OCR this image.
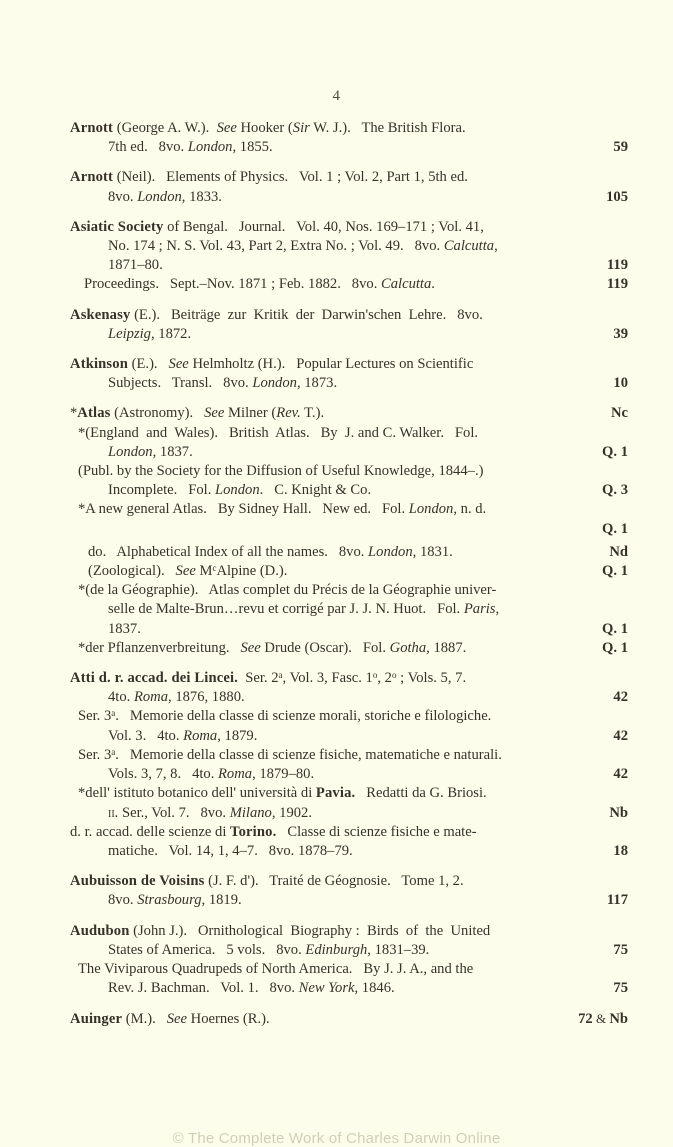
4
Arnott (George A. W.).  See Hooker (Sir W. J.).   The British Flora.
7th ed.   8vo. London, 1855.	59
Arnott (Neil).   Elements of Physics.   Vol. 1 ; Vol. 2, Part 1, 5th ed.
8vo. London, 1833.	105
Asiatic Society of Bengal.   Journal.   Vol. 40, Nos. 169–171 ; Vol. 41,
No. 174 ; N. S. Vol. 43, Part 2, Extra No. ; Vol. 49.   8vo. Calcutta,
1871–80.	119
Proceedings.   Sept.–Nov. 1871 ; Feb. 1882.   8vo. Calcutta.	119
Askenasy (E.).   Beiträge  zur  Kritik  der  Darwin'schen  Lehre.   8vo.
Leipzig, 1872.	39
Atkinson (E.).   See Helmholtz (H.).   Popular Lectures on Scientific
Subjects.   Transl.   8vo. London, 1873.	10
*Atlas (Astronomy).   See Milner (Rev. T.).	Nc
*(England  and  Wales).   British  Atlas.   By  J. and C. Walker.   Fol.
London, 1837.	Q. 1
(Publ. by the Society for the Diffusion of Useful Knowledge, 1844–.)
Incomplete.   Fol. London.   C. Knight & Co.	Q. 3
*A new general Atlas.   By Sidney Hall.   New ed.   Fol. London, n. d.
Q. 1
do.   Alphabetical Index of all the names.   8vo. London, 1831.	Nd
(Zoological).   See $M^cAlpine$ (D.).	Q. 1
*(de la Géographie).   Atlas complet du Précis de la Géographie univer-
selle de Malte-Brun…revu et corrigé par J. J. N. Huot.   Fol. Paris,
1837.	Q. 1
*der Pflanzenverbreitung.   See Drude (Oscar).   Fol. Gotha, 1887.	Q. 1
Atti d. r. accad. dei Lincei.  Ser. 2$^a$, Vol. 3, Fasc. 1$^o$, 2$^o$ ; Vols. 5, 7.
4to. Roma, 1876, 1880.	42
Ser. 3$^a$.   Memorie della classe di scienze morali, storiche e filologiche.
Vol. 3.   4to. Roma, 1879.	42
Ser. 3$^a$.   Memorie della classe di scienze fisiche, matematiche e naturali.
Vols. 3, 7, 8.   4to. Roma, 1879–80.	42
*dell' istituto botanico dell' università di Pavia.   Redatti da G. Briosi.
ii. Ser., Vol. 7.   8vo. Milano, 1902.	Nb
d. r. accad. delle scienze di Torino.   Classe di scienze fisiche e mate-
matiche.   Vol. 14, 1, 4–7.   8vo. 1878–79.	18
Aubuisson de Voisins (J. F. d').   Traité de Géognosie.   Tome 1, 2.
8vo. Strasbourg, 1819.	117
Audubon (John J.).   Ornithological  Biography :  Birds  of  the  United
States of America.   5 vols.   8vo. Edinburgh, 1831–39.	75
The Viviparous Quadrupeds of North America.   By J. J. A., and the
Rev. J. Bachman.   Vol. 1.   8vo. New York, 1846.	75
Auinger (M.).   See Hoernes (R.).	72 & Nb
© The Complete Work of Charles Darwin Online
